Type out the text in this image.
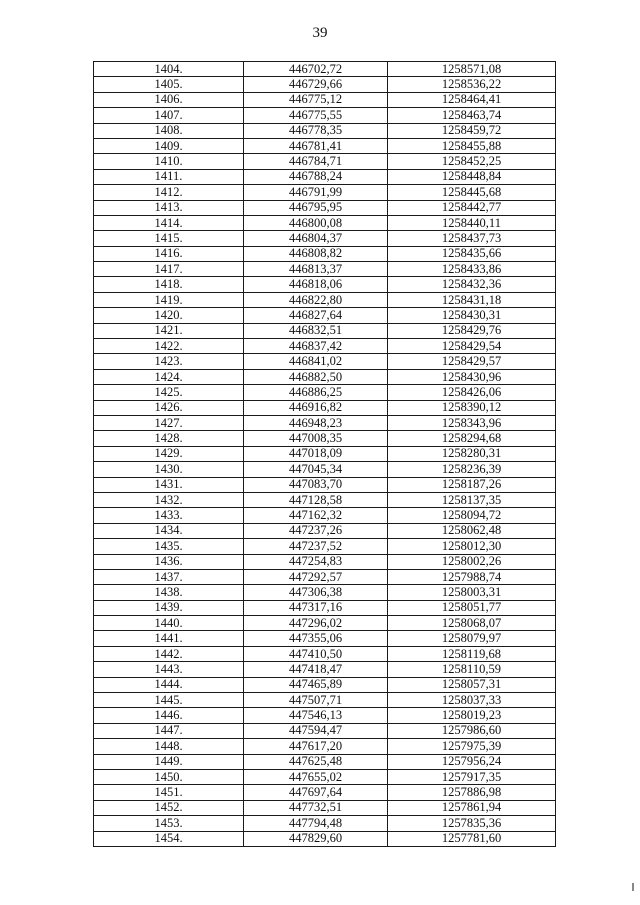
39
1404.	446702,72	1258571,08
1405.	446729,66	1258536,22
1406.	446775,12	1258464,41
1407.	446775,55	1258463,74
1408.	446778,35	1258459,72
1409.	446781,41	1258455,88
1410.	446784,71	1258452,25
1411.	446788,24	1258448,84
1412.	446791,99	1258445,68
1413.	446795,95	1258442,77
1414.	446800,08	1258440,11
1415.	446804,37	1258437,73
1416.	446808,82	1258435,66
1417.	446813,37	1258433,86
1418.	446818,06	1258432,36
1419.	446822,80	1258431,18
1420.	446827,64	1258430,31
1421.	446832,51	1258429,76
1422.	446837,42	1258429,54
1423.	446841,02	1258429,57
1424.	446882,50	1258430,96
1425.	446886,25	1258426,06
1426.	446916,82	1258390,12
1427.	446948,23	1258343,96
1428.	447008,35	1258294,68
1429.	447018,09	1258280,31
1430.	447045,34	1258236,39
1431.	447083,70	1258187,26
1432.	447128,58	1258137,35
1433.	447162,32	1258094,72
1434.	447237,26	1258062,48
1435.	447237,52	1258012,30
1436.	447254,83	1258002,26
1437.	447292,57	1257988,74
1438.	447306,38	1258003,31
1439.	447317,16	1258051,77
1440.	447296,02	1258068,07
1441.	447355,06	1258079,97
1442.	447410,50	1258119,68
1443.	447418,47	1258110,59
1444.	447465,89	1258057,31
1445.	447507,71	1258037,33
1446.	447546,13	1258019,23
1447.	447594,47	1257986,60
1448.	447617,20	1257975,39
1449.	447625,48	1257956,24
1450.	447655,02	1257917,35
1451.	447697,64	1257886,98
1452.	447732,51	1257861,94
1453.	447794,48	1257835,36
1454.	447829,60	1257781,60
